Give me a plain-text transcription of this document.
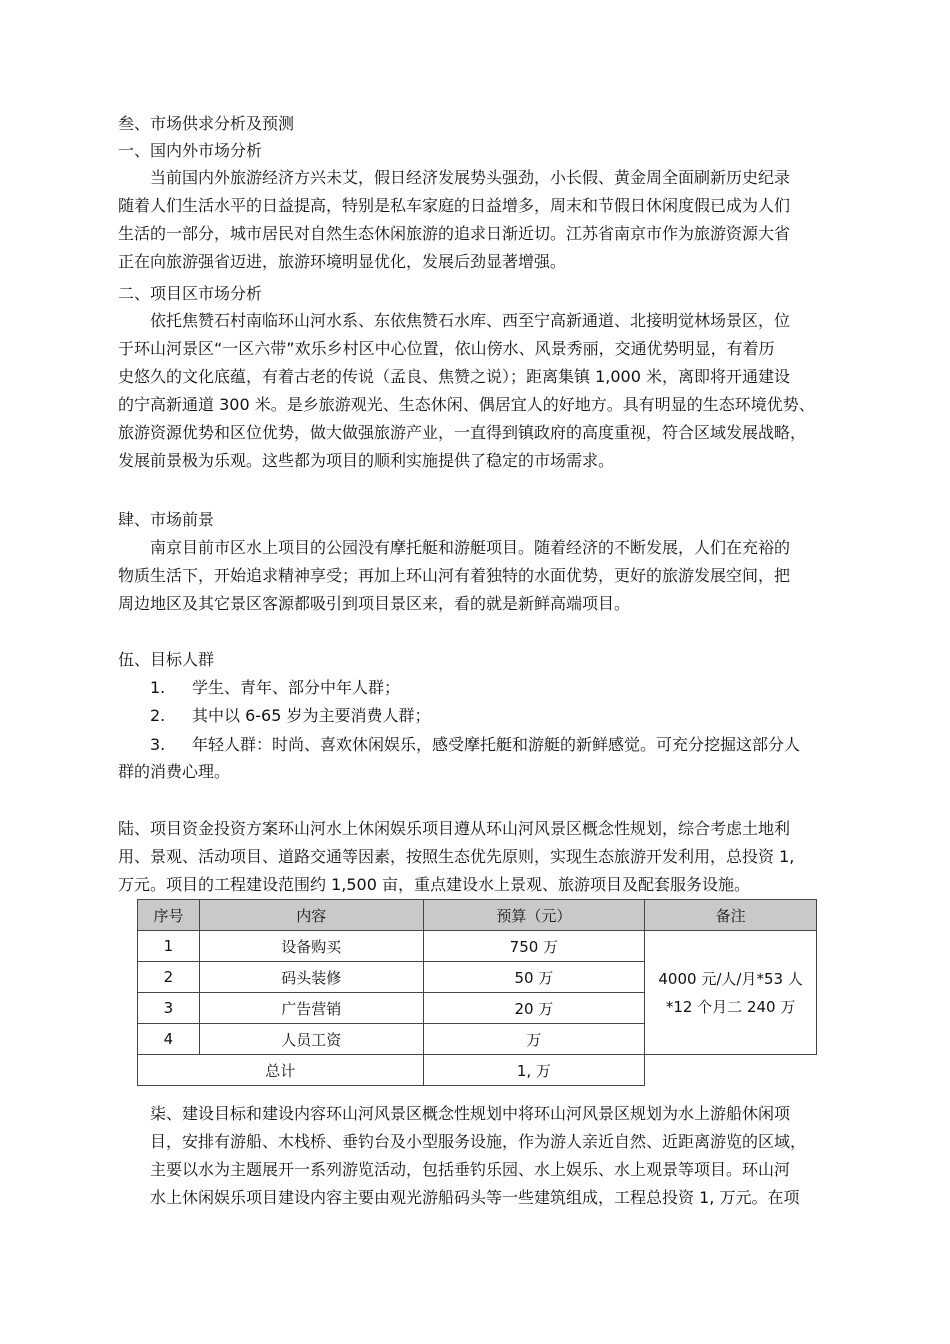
叁、市场供求分析及预测
一、国内外市场分析
当前国内外旅游经济方兴未艾，假日经济发展势头强劲，小长假、黄金周全面刷新历史纪录
随着人们生活水平的日益提高，特别是私车家庭的日益增多，周末和节假日休闲度假已成为人们
生活的一部分，城市居民对自然生态休闲旅游的追求日渐近切。江苏省南京市作为旅游资源大省
正在向旅游强省迈进，旅游环境明显优化，发展后劲显著增强。
二、项目区市场分析
依托焦赞石村南临环山河水系、东依焦赞石水库、西至宁高新通道、北接明觉林场景区，位
于环山河景区“一区六带”欢乐乡村区中心位置，依山傍水、风景秀丽，交通优势明显，有着历
史悠久的文化底蕴，有着古老的传说（孟良、焦赞之说）；距离集镇 1,000 米，离即将开通建设
的宁高新通道 300 米。是乡旅游观光、生态休闲、偶居宜人的好地方。具有明显的生态环境优势、
旅游资源优势和区位优势，做大做强旅游产业，一直得到镇政府的高度重视，符合区域发展战略，
发展前景极为乐观。这些都为项目的顺利实施提供了稳定的市场需求。
肆、市场前景
南京目前市区水上项目的公园没有摩托艇和游艇项目。随着经济的不断发展，人们在充裕的
物质生活下，开始追求精神享受；再加上环山河有着独特的水面优势，更好的旅游发展空间，把
周边地区及其它景区客源都吸引到项目景区来，看的就是新鲜高端项目。
伍、目标人群
1. 学生、青年、部分中年人群；
2. 其中以 6-65 岁为主要消费人群；
3. 年轻人群：时尚、喜欢休闲娱乐，感受摩托艇和游艇的新鲜感觉。可充分挖掘这部分人
群的消费心理。
陆、项目资金投资方案环山河水上休闲娱乐项目遵从环山河风景区概念性规划，综合考虑土地利
用、景观、活动项目、道路交通等因素，按照生态优先原则，实现生态旅游开发利用，总投资 1,
万元。项目的工程建设范围约 1,500 亩，重点建设水上景观、旅游项目及配套服务设施。
序号	内容	预算（元）	备注
1	设备购买	750 万	4000 元/人/月*53 人
*12 个月二 240 万

2	码头装修	50 万	
3	广告营销	20 万	
4	人员工资	万	
总计		1, 万	
柒、建设目标和建设内容环山河风景区概念性规划中将环山河风景区规划为水上游船休闲项
目，安排有游船、木栈桥、垂钓台及小型服务设施，作为游人亲近自然、近距离游览的区域，
主要以水为主题展开一系列游览活动，包括垂钓乐园、水上娱乐、水上观景等项目。环山河
水上休闲娱乐项目建设内容主要由观光游船码头等一些建筑组成，工程总投资 1, 万元。在项
